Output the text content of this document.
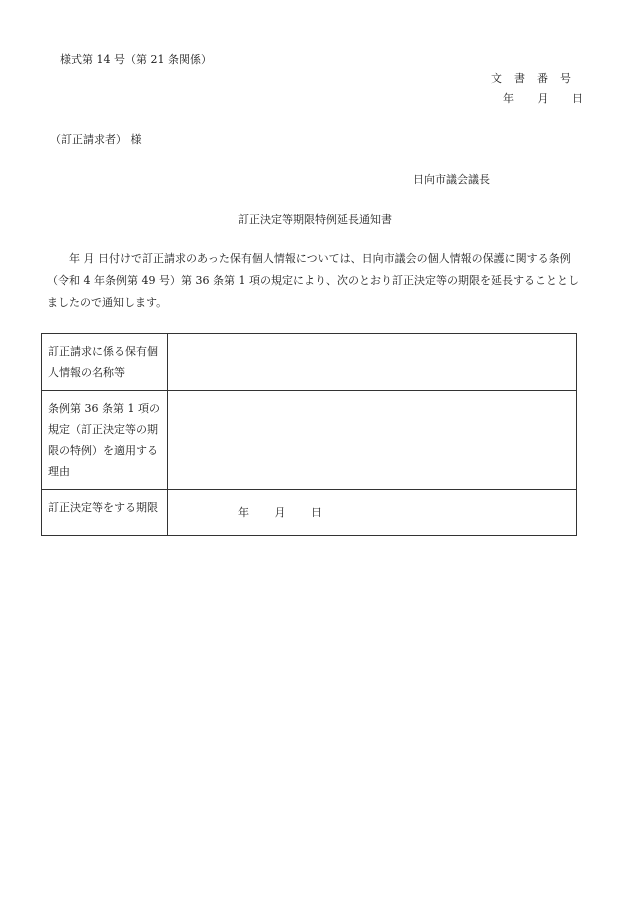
様式第 14 号（第 21 条関係）
文書番号
年 月 日
（訂正請求者） 様
日向市議会議長
訂正決定等期限特例延長通知書
年 月 日付けで訂正請求のあった保有個人情報については、日向市議会の個人情報の保護に関する条例（令和 4 年条例第 49 号）第 36 条第 1 項の規定により、次のとおり訂正決定等の期限を延長することとしましたので通知します。
訂正請求に係る保有個人情報の名称等	
条例第 36 条第 1 項の規定（訂正決定等の期限の特例）を適用する理由	
訂正決定等をする期限	年 月 日
